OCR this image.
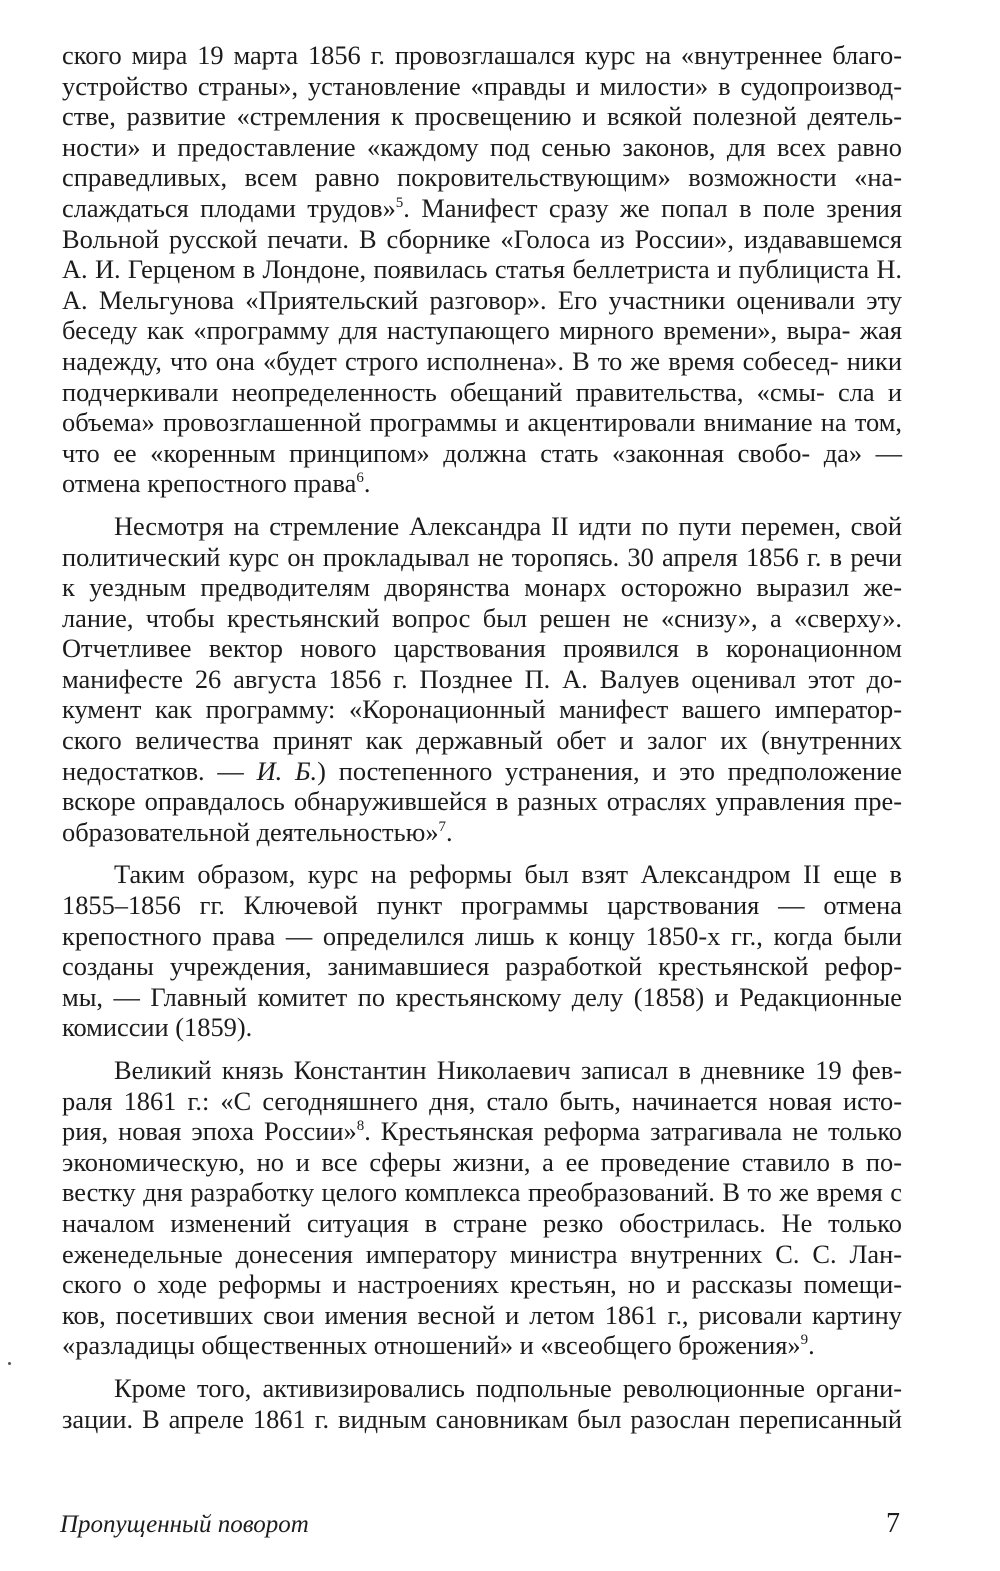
ского мира 19 марта 1856 г. провозглашался курс на «внутреннее благо- устройство страны», установление «правды и милости» в судопроизвод- стве, развитие «стремления к просвещению и всякой полезной деятель- ности» и предоставление «каждому под сенью законов, для всех равно справедливых, всем равно покровительствующим» возможности «на- слаждаться плодами трудов»$^5$. Манифест сразу же попал в поле зрения Вольной русской печати. В сборнике «Голоса из России», издававшемся А. И. Герценом в Лондоне, появилась статья беллетриста и публициста Н. А. Мельгунова «Приятельский разговор». Его участники оценивали эту беседу как «программу для наступающего мирного времени», выра- жая надежду, что она «будет строго исполнена». В то же время собесед- ники подчеркивали неопределенность обещаний правительства, «смы- сла и объема» провозглашенной программы и акцентировали внимание на том, что ее «коренным принципом» должна стать «законная свобо- да» — отмена крепостного права$^6$.

Несмотря на стремление Александра II идти по пути перемен, свой политический курс он прокладывал не торопясь. 30 апреля 1856 г. в речи к уездным предводителям дворянства монарх осторожно выразил же- лание, чтобы крестьянский вопрос был решен не «снизу», а «сверху». Отчетливее вектор нового царствования проявился в коронационном манифесте 26 августа 1856 г. Позднее П. А. Валуев оценивал этот до- кумент как программу: «Коронационный манифест вашего император- ского величества принят как державный обет и залог их (внутренних недостатков. — И. Б.) постепенного устранения, и это предположение вскоре оправдалось обнаружившейся в разных отраслях управления пре- образовательной деятельностью»$^7$.

Таким образом, курс на реформы был взят Александром II еще в 1855–1856 гг. Ключевой пункт программы царствования — отмена крепостного права — определился лишь к концу 1850-х гг., когда были созданы учреждения, занимавшиеся разработкой крестьянской рефор- мы, — Главный комитет по крестьянскому делу (1858) и Редакционные комиссии (1859).

Великий князь Константин Николаевич записал в дневнике 19 фев- раля 1861 г.: «С сегодняшнего дня, стало быть, начинается новая исто- рия, новая эпоха России»$^8$. Крестьянская реформа затрагивала не только экономическую, но и все сферы жизни, а ее проведение ставило в по- вестку дня разработку целого комплекса преобразований. В то же время с началом изменений ситуация в стране резко обострилась. Не только еженедельные донесения императору министра внутренних С. С. Лан- ского о ходе реформы и настроениях крестьян, но и рассказы помещи- ков, посетивших свои имения весной и летом 1861 г., рисовали картину «разладицы общественных отношений» и «всеобщего брожения»$^9$.

Кроме того, активизировались подпольные революционные органи- зации. В апреле 1861 г. видным сановникам был разослан переписанный

Пропущенный поворот	7
